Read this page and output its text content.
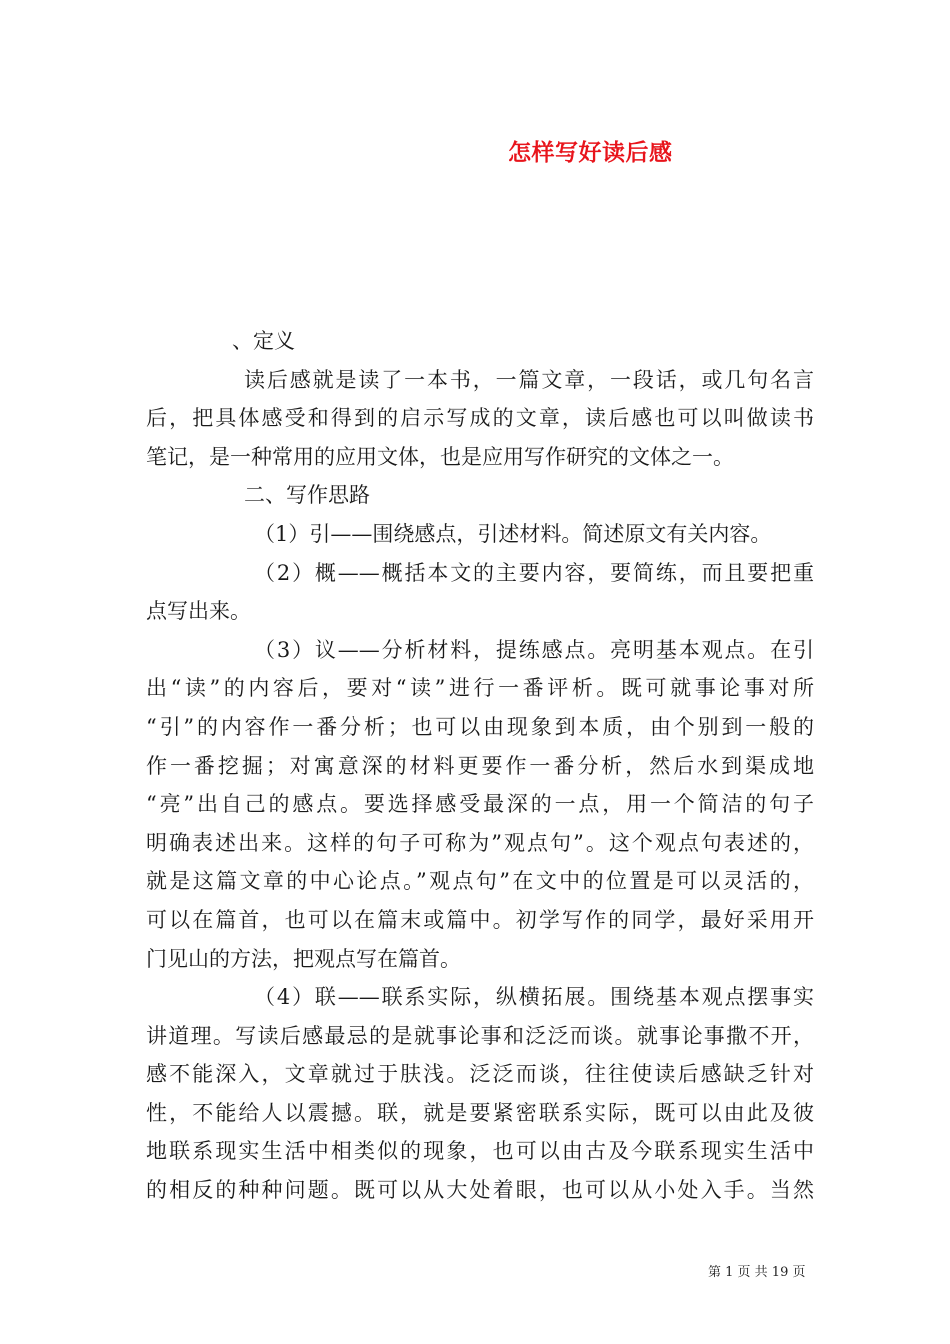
怎样写好读后感
、定义
读后感就是读了一本书，一篇文章，一段话，或几句名言
后，把具体感受和得到的启示写成的文章，读后感也可以叫做读书
笔记，是一种常用的应用文体，也是应用写作研究的文体之一。
二、写作思路
（1）引——围绕感点，引述材料。简述原文有关内容。
（2）概——概括本文的主要内容，要简练，而且要把重
点写出来。
（3）议——分析材料，提练感点。亮明基本观点。在引
出“读”的内容后，要对“读”进行一番评析。既可就事论事对所
“引”的内容作一番分析；也可以由现象到本质，由个别到一般的
作一番挖掘；对寓意深的材料更要作一番分析，然后水到渠成地
“亮”出自己的感点。要选择感受最深的一点，用一个简洁的句子
明确表述出来。这样的句子可称为”观点句”。这个观点句表述的，
就是这篇文章的中心论点。”观点句”在文中的位置是可以灵活的，
可以在篇首，也可以在篇末或篇中。初学写作的同学，最好采用开
门见山的方法，把观点写在篇首。
（4）联——联系实际，纵横拓展。围绕基本观点摆事实
讲道理。写读后感最忌的是就事论事和泛泛而谈。就事论事撒不开，
感不能深入，文章就过于肤浅。泛泛而谈，往往使读后感缺乏针对
性，不能给人以震撼。联，就是要紧密联系实际，既可以由此及彼
地联系现实生活中相类似的现象，也可以由古及今联系现实生活中
的相反的种种问题。既可以从大处着眼，也可以从小处入手。当然
第 1 页 共 19 页
